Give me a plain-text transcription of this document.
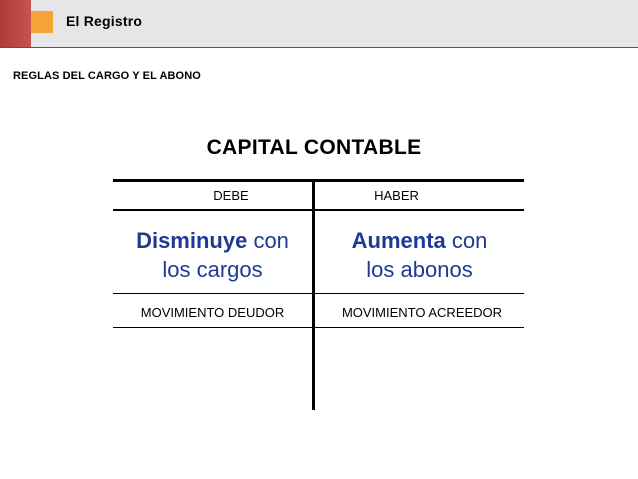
El Registro
REGLAS DEL CARGO Y EL ABONO
CAPITAL CONTABLE
DEBE	HABER
Disminuye con
los cargos
Aumenta con
los abonos
MOVIMIENTO DEUDOR	MOVIMIENTO ACREEDOR
